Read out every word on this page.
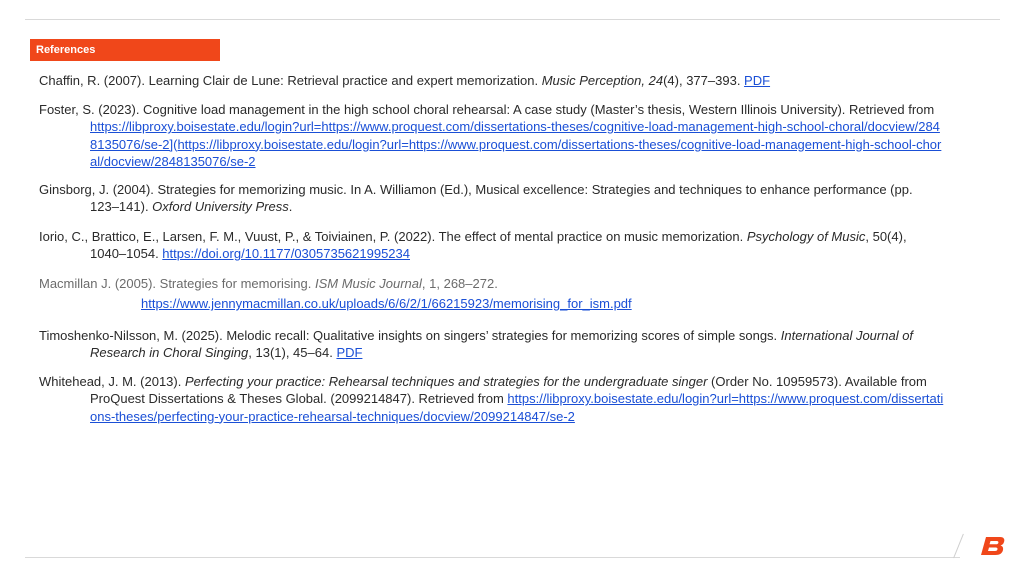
References

Chaffin, R. (2007). Learning Clair de Lune: Retrieval practice and expert memorization. Music Perception, 24(4), 377–393. PDF

Foster, S. (2023). Cognitive load management in the high school choral rehearsal: A case study (Master’s thesis, Western Illinois University). Retrieved from https://libproxy.boisestate.edu/login?url=https://www.proquest.com/dissertations-theses/cognitive-load-management-high-school-choral/docview/2848135076/se-2](https://libproxy.boisestate.edu/login?url=https://www.proquest.com/dissertations-theses/cognitive-load-management-high-school-choral/docview/2848135076/se-2

Ginsborg, J. (2004). Strategies for memorizing music. In A. Williamon (Ed.), Musical excellence: Strategies and techniques to enhance performance (pp. 123–141). Oxford University Press.

Iorio, C., Brattico, E., Larsen, F. M., Vuust, P., & Toiviainen, P. (2022). The effect of mental practice on music memorization. Psychology of Music, 50(4), 1040–1054. https://doi.org/10.1177/0305735621995234

Macmillan J. (2005). Strategies for memorising. ISM Music Journal, 1, 268–272.
https://www.jennymacmillan.co.uk/uploads/6/6/2/1/66215923/memorising_for_ism.pdf

Timoshenko-Nilsson, M. (2025). Melodic recall: Qualitative insights on singers’ strategies for memorizing scores of simple songs. International Journal of Research in Choral Singing, 13(1), 45–64. PDF

Whitehead, J. M. (2013). Perfecting your practice: Rehearsal techniques and strategies for the undergraduate singer (Order No. 10959573). Available from ProQuest Dissertations & Theses Global. (2099214847). Retrieved from https://libproxy.boisestate.edu/login?url=https://www.proquest.com/dissertations-theses/perfecting-your-practice-rehearsal-techniques/docview/2099214847/se-2
